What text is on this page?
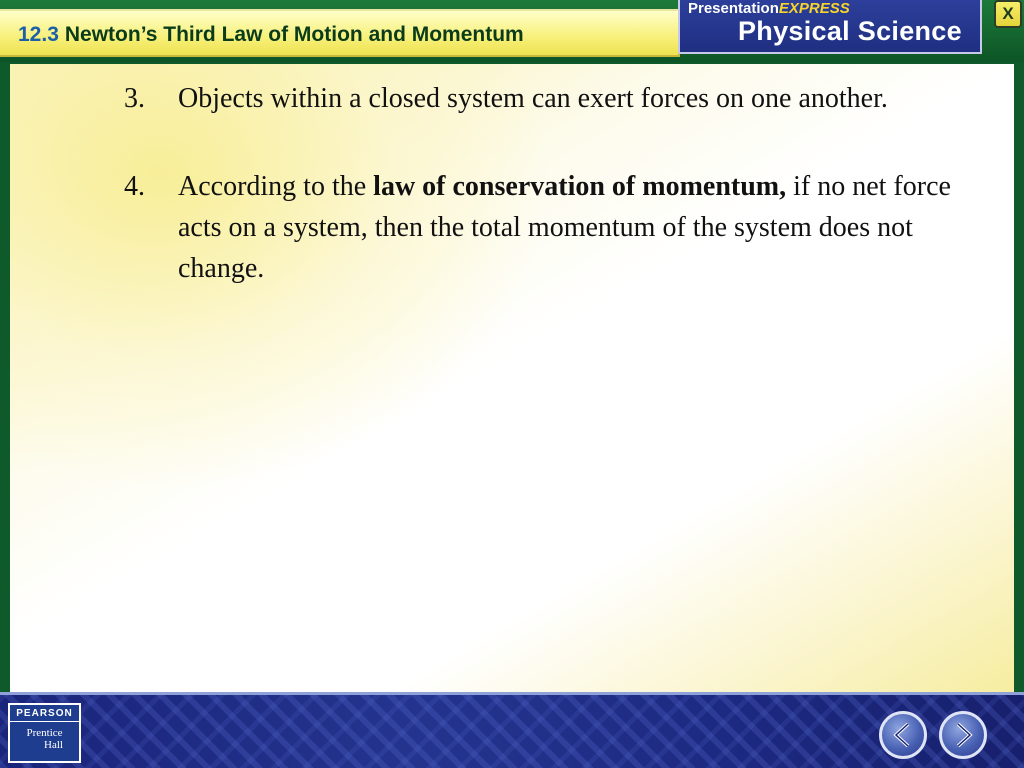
12.3 Newton’s Third Law of Motion and Momentum
PresentationEXPRESS
Physical Science
X
3. Objects within a closed system can exert forces on one another.
4. According to the law of conservation of momentum, if no net force acts on a system, then the total momentum of the system does not change.
PEARSON
Prentice
Hall
